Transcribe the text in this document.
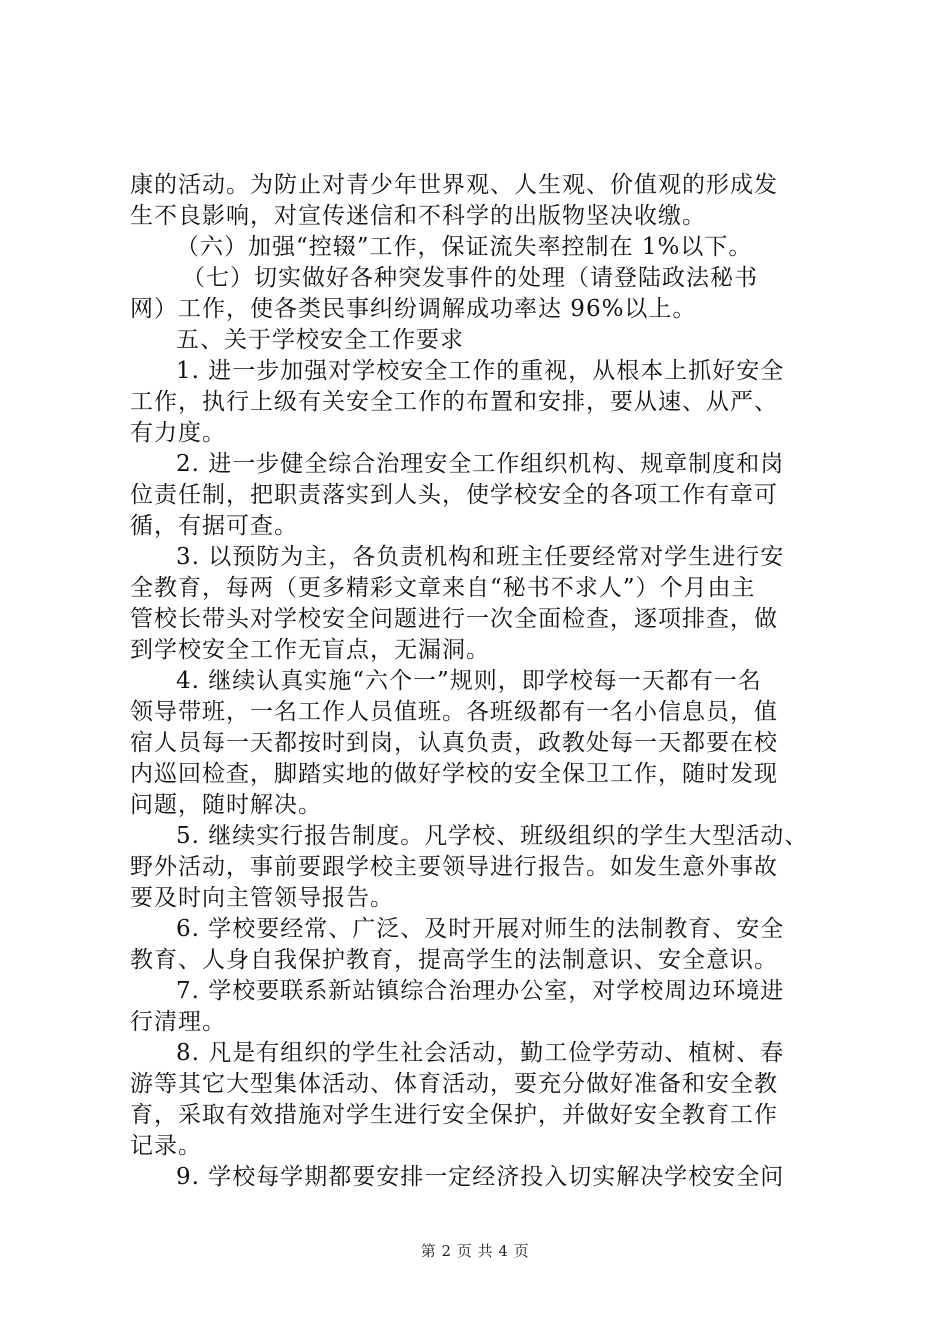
康的活动。为防止对青少年世界观、人生观、价值观的形成发
生不良影响，对宣传迷信和不科学的出版物坚决收缴。
（六）加强“控辍”工作，保证流失率控制在 1%以下。
（七）切实做好各种突发事件的处理（请登陆政法秘书
网）工作，使各类民事纠纷调解成功率达 96%以上。
五、关于学校安全工作要求
1. 进一步加强对学校安全工作的重视，从根本上抓好安全
工作，执行上级有关安全工作的布置和安排，要从速、从严、
有力度。
2. 进一步健全综合治理安全工作组织机构、规章制度和岗
位责任制，把职责落实到人头，使学校安全的各项工作有章可
循，有据可查。
3. 以预防为主，各负责机构和班主任要经常对学生进行安
全教育，每两（更多精彩文章来自“秘书不求人”）个月由主
管校长带头对学校安全问题进行一次全面检查，逐项排查，做
到学校安全工作无盲点，无漏洞。
4. 继续认真实施“六个一”规则，即学校每一天都有一名
领导带班，一名工作人员值班。各班级都有一名小信息员，值
宿人员每一天都按时到岗，认真负责，政教处每一天都要在校
内巡回检查，脚踏实地的做好学校的安全保卫工作，随时发现
问题，随时解决。
5. 继续实行报告制度。凡学校、班级组织的学生大型活动、
野外活动，事前要跟学校主要领导进行报告。如发生意外事故
要及时向主管领导报告。
6. 学校要经常、广泛、及时开展对师生的法制教育、安全
教育、人身自我保护教育，提高学生的法制意识、安全意识。
7. 学校要联系新站镇综合治理办公室，对学校周边环境进
行清理。
8. 凡是有组织的学生社会活动，勤工俭学劳动、植树、春
游等其它大型集体活动、体育活动，要充分做好准备和安全教
育，采取有效措施对学生进行安全保护，并做好安全教育工作
记录。
9. 学校每学期都要安排一定经济投入切实解决学校安全问
第 2 页 共 4 页
